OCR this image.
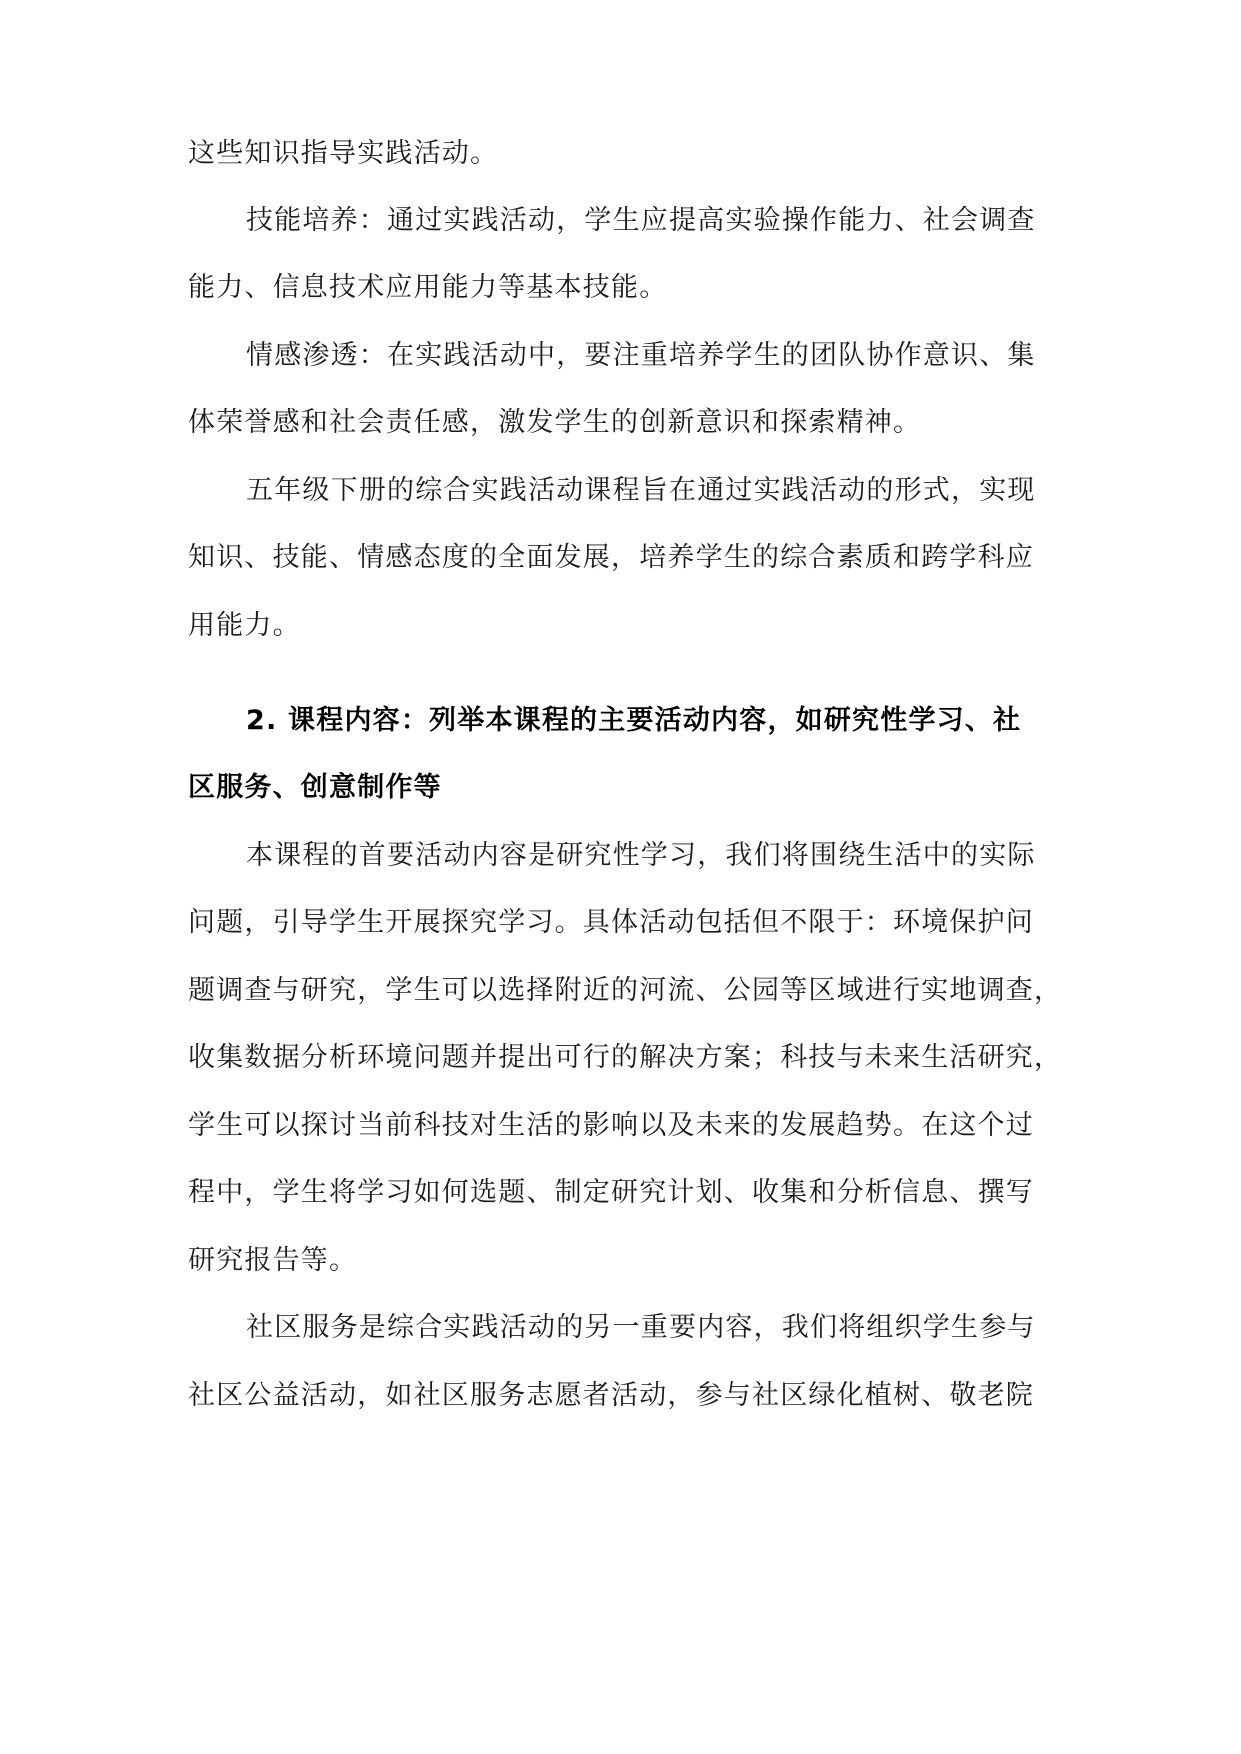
这些知识指导实践活动。
技能培养：通过实践活动，学生应提高实验操作能力、社会调查
能力、信息技术应用能力等基本技能。
情感渗透：在实践活动中，要注重培养学生的团队协作意识、集
体荣誉感和社会责任感，激发学生的创新意识和探索精神。
五年级下册的综合实践活动课程旨在通过实践活动的形式，实现
知识、技能、情感态度的全面发展，培养学生的综合素质和跨学科应
用能力。
2. 课程内容：列举本课程的主要活动内容，如研究性学习、社
区服务、创意制作等
本课程的首要活动内容是研究性学习，我们将围绕生活中的实际
问题，引导学生开展探究学习。具体活动包括但不限于：环境保护问
题调查与研究，学生可以选择附近的河流、公园等区域进行实地调查，
收集数据分析环境问题并提出可行的解决方案；科技与未来生活研究，
学生可以探讨当前科技对生活的影响以及未来的发展趋势。在这个过
程中，学生将学习如何选题、制定研究计划、收集和分析信息、撰写
研究报告等。
社区服务是综合实践活动的另一重要内容，我们将组织学生参与
社区公益活动，如社区服务志愿者活动，参与社区绿化植树、敬老院
